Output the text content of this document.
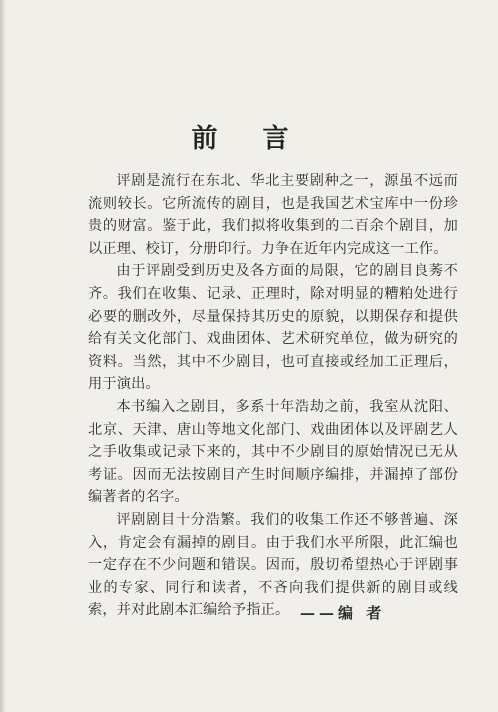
前 言

评剧是流行在东北、华北主要剧种之一，源虽不远而流则较长。它所流传的剧目，也是我国艺术宝库中一份珍贵的财富。鉴于此，我们拟将收集到的二百余个剧目，加以正理、校订，分册印行。力争在近年内完成这一工作。

由于评剧受到历史及各方面的局限，它的剧目良莠不齐。我们在收集、记录、正理时，除对明显的糟粕处进行必要的删改外，尽量保持其历史的原貌，以期保存和提供给有关文化部门、戏曲团体、艺术研究单位，做为研究的资料。当然，其中不少剧目，也可直接或经加工正理后，用于演出。

本书编入之剧目，多系十年浩劫之前，我室从沈阳、北京、天津、唐山等地文化部门、戏曲团体以及评剧艺人之手收集或记录下来的，其中不少剧目的原始情况已无从考证。因而无法按剧目产生时间顺序编排，并漏掉了部份编著者的名字。

评剧剧目十分浩繁。我们的收集工作还不够普遍、深入，肯定会有漏掉的剧目。由于我们水平所限，此汇编也一定存在不少问题和错误。因而，殷切希望热心于评剧事业的专家、同行和读者，不吝向我们提供新的剧目或线索，并对此剧本汇编给予指正。 ——编 者
